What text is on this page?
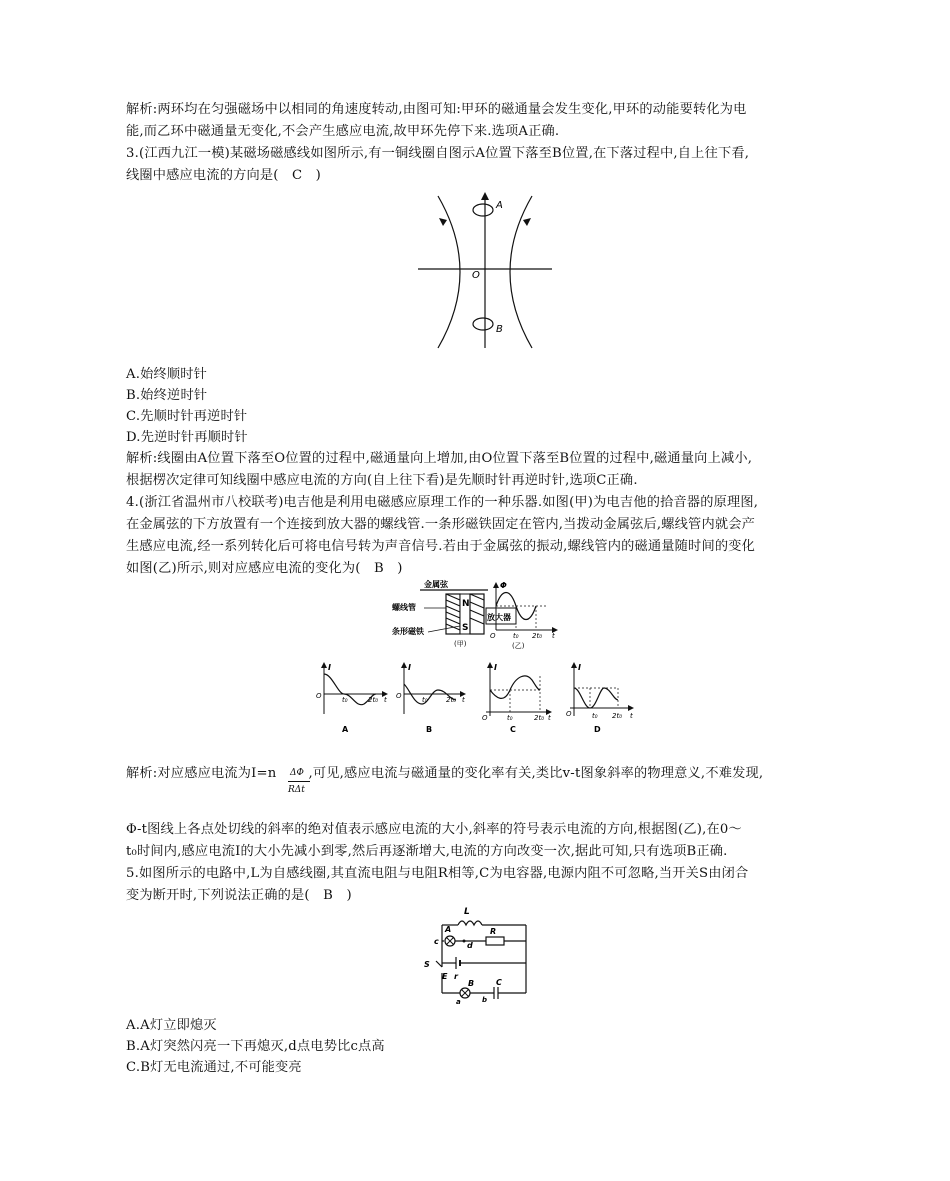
解析:两环均在匀强磁场中以相同的角速度转动,由图可知:甲环的磁通量会发生变化,甲环的动能要转化为电
能,而乙环中磁通量无变化,不会产生感应电流,故甲环先停下来.选项A正确.
3.(江西九江一模)某磁场磁感线如图所示,有一铜线圈自图示A位置下落至B位置,在下落过程中,自上往下看,
线圈中感应电流的方向是(　C　)
A
O
B
A.始终顺时针
B.始终逆时针
C.先顺时针再逆时针
D.先逆时针再顺时针
解析:线圈由A位置下落至O位置的过程中,磁通量向上增加,由O位置下落至B位置的过程中,磁通量向上减小,
根据楞次定律可知线圈中感应电流的方向(自上往下看)是先顺时针再逆时针,选项C正确.
4.(浙江省温州市八校联考)电吉他是利用电磁感应原理工作的一种乐器.如图(甲)为电吉他的拾音器的原理图,
在金属弦的下方放置有一个连接到放大器的螺线管.一条形磁铁固定在管内,当拨动金属弦后,螺线管内就会产
生感应电流,经一系列转化后可将电信号转为声音信号.若由于金属弦的振动,螺线管内的磁通量随时间的变化
如图(乙)所示,则对应感应电流的变化为(　B　)
金属弦
N
S
放大器
螺线管
条形磁铁
(甲)
Φ
O t₀ 2t₀ t
(乙)
I
O	t₀	2t₀ t
A
I
O	t₀	2t₀ t
B
I
O	t₀	2t₀ t
C
I
O	t₀ 2t₀ t
D
解析:对应感应电流为I=n ,可见,感应电流与磁通量的变化率有关,类比v-t图象斜率的物理意义,不难发现,
ΔΦ
RΔt
Φ-t图线上各点处切线的斜率的绝对值表示感应电流的大小,斜率的符号表示电流的方向,根据图(乙),在0～
t₀时间内,感应电流I的大小先减小到零,然后再逐渐增大,电流的方向改变一次,据此可知,只有选项B正确.
5.如图所示的电路中,L为自感线圈,其直流电阻与电阻R相等,C为电容器,电源内阻不可忽略,当开关S由闭合
变为断开时,下列说法正确的是(　B　)
L
A	R
c	d
S
E r
B	C
a	b
A.A灯立即熄灭
B.A灯突然闪亮一下再熄灭,d点电势比c点高
C.B灯无电流通过,不可能变亮
